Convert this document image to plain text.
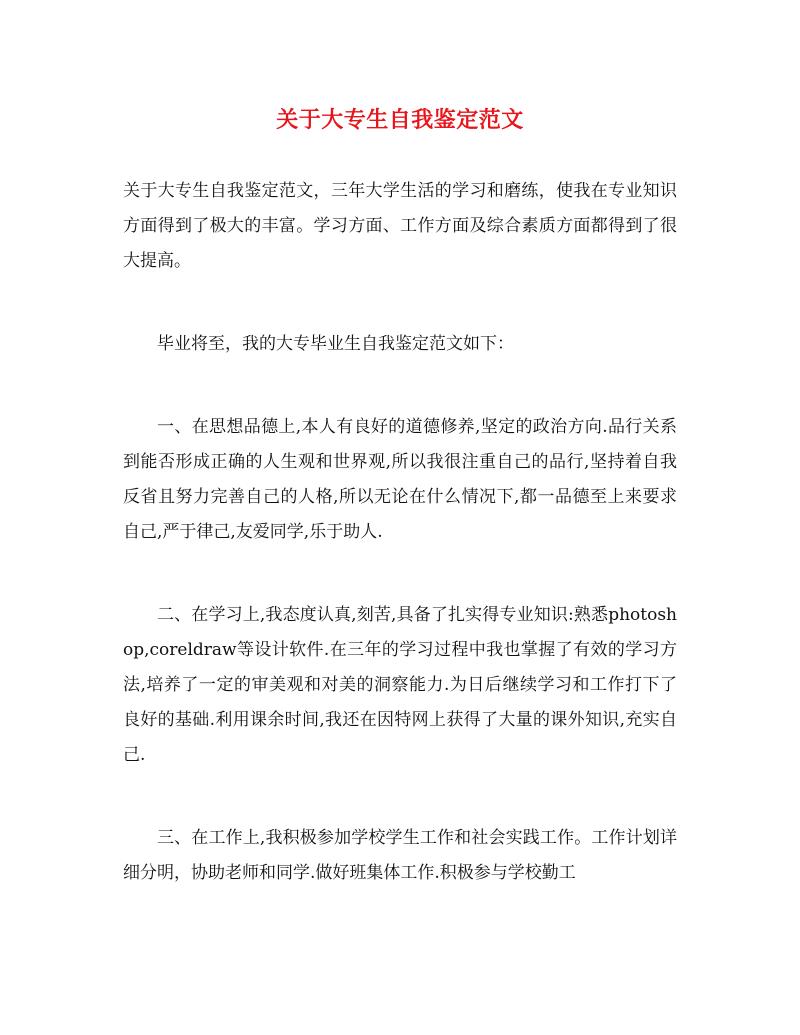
关于大专生自我鉴定范文

关于大专生自我鉴定范文，三年大学生活的学习和磨练，使我在专业知识方面得到了极大的丰富。学习方面、工作方面及综合素质方面都得到了很大提高。

毕业将至，我的大专毕业生自我鉴定范文如下：

一、在思想品德上,本人有良好的道德修养,坚定的政治方向.品行关系到能否形成正确的人生观和世界观,所以我很注重自己的品行,坚持着自我反省且努力完善自己的人格,所以无论在什么情况下,都一品德至上来要求自己,严于律己,友爱同学,乐于助人.

二、在学习上,我态度认真,刻苦,具备了扎实得专业知识:熟悉photoshop,coreldraw等设计软件.在三年的学习过程中我也掌握了有效的学习方法,培养了一定的审美观和对美的洞察能力.为日后继续学习和工作打下了良好的基础.利用课余时间,我还在因特网上获得了大量的课外知识,充实自己.

三、在工作上,我积极参加学校学生工作和社会实践工作。工作计划详细分明，协助老师和同学.做好班集体工作.积极参与学校勤工
